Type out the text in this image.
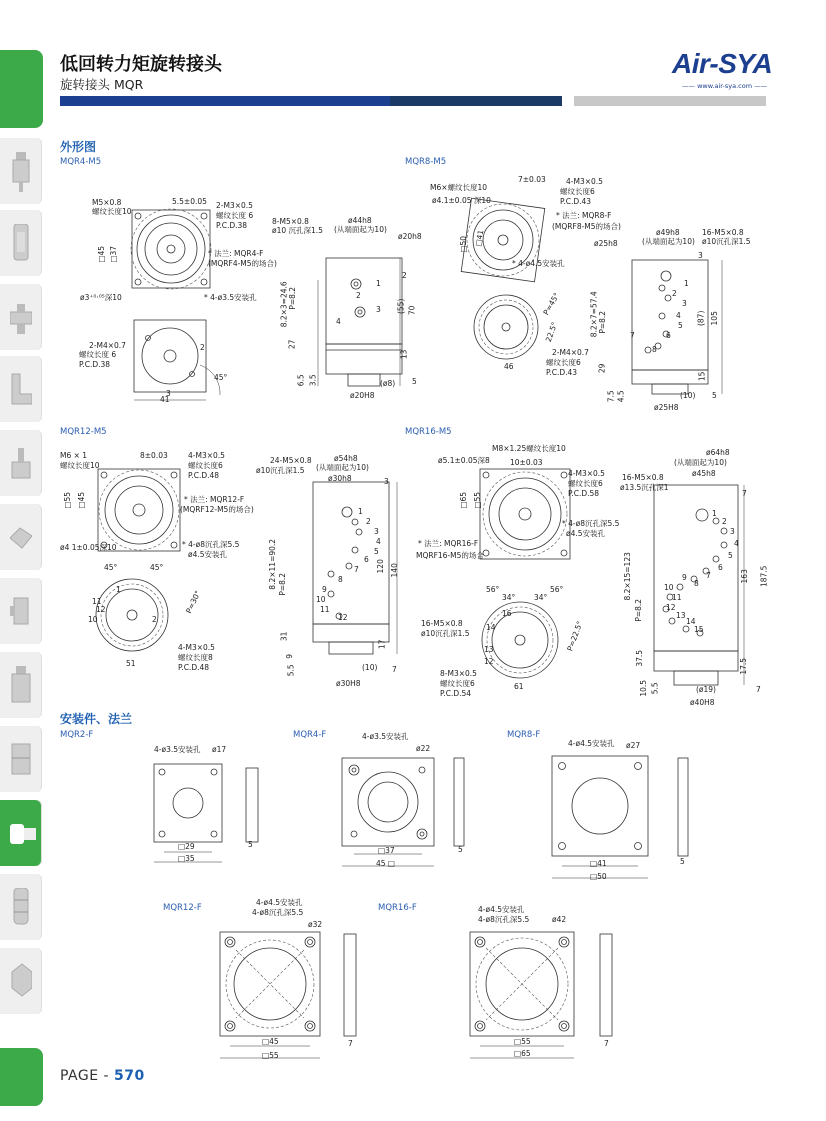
低回转力矩旋转接头
旋转接头 MQR
Air-SYA
—— www.air-sya.com ——
外形图
MQR4-M5
M5×0.8
螺纹长度10
5.5±0.05 2-M3×0.5
螺纹长度 6
P.C.D.38
* 法兰: MQR4-F
(MQRF4-M5的场合)
□45 □37
ø3⁺⁰·⁰⁵深10	* 4-ø3.5安装孔
2-M4×0.7
螺纹长度 6
P.C.D.38
2
3
45°
41
8-M5×0.8
ø10 沉孔深1.5
ø44h8
(从端面起为10)
ø20h8
8.2×3=24.6 P=8.2
27
6.5 3.5
ø20H8
(ø8)
(55) 70
13
2
5
1
2
3
4
MQR8-M5
M6×螺纹长度10
7±0.03	4-M3×0.5
螺纹长度6
P.C.D.43
ø4.1±0.05 深10
* 法兰: MQR8-F
(MQRF8-M5的场合)
□50 □41
* 4-ø4.5安装孔
P=45°
22.5°
2-M4×0.7
螺纹长度6
P.C.D.43
46
ø49h8
(从端面起为10)
16-M5×0.8
ø25h8	ø10沉孔深1.5
8.2×7=57.4 P=8.2
29
7.5 4.5
ø25H8
(10)
3
(87) 105
15
5
1
2
3
4
5
6
7
8
MQR12-M5
M6 × 1
螺纹长度10
8±0.03	4-M3×0.5
螺纹长度6
P.C.D.48
* 法兰: MQR12-F
(MQRF12-M5的场合)
□55 □45
ø4 1±0.05深10	* 4-ø8沉孔深5.5
ø4.5安装孔
45°	45°
P=30°
4-M3×0.5
螺纹长度8
P.C.D.48
51
11
10
12
1
2
24-M5×0.8
ø10沉孔深1.5
ø54h8
(从端面起为10)
ø30h8	3
8.2×11=90.2 P=8.2
31
9
5.5
ø30H8
(10)
120 140
17
7
1
2
3
4
5
6
7
8
9
10
11
12
MQR16-M5
M8×1.25螺纹长度10
ø5.1±0.05深8	10±0.03
4-M3×0.5
螺纹长度6
P.C.D.58
□65 □55
* 4-ø8沉孔深5.5
ø4.5安装孔
* 法兰: MQR16-F
MQRF16-M5的场合
56°
34° 34°
56°
16-M5×0.8
ø10沉孔深1.5	P=22.5°
8-M3×0.5
螺纹长度6
P.C.D.54
61
16
14
13
12
ø64h8
(从端面起为10)
16-M5×0.8	ø45h8
ø13.5沉孔深1
7
8.2×15=123
P=8.2
37.5
10.5 5.5	(ø19)
ø40H8
163 187.5
17.5
7
1
2
3
4
5
6
7
8
9
10
11
12
13
14
15
安装件、法兰
MQR2-F
4-ø3.5安装孔 ø17
□29
□35
5
MQR4-F	4-ø3.5安装孔
ø22
□37
45 □
5
MQR8-F
4-ø4.5安装孔 ø27
□41
□50
5
MQR12-F
4-ø4.5安装孔
4-ø8沉孔深5.5
ø32
□45
□55
7
MQR16-F	4-ø4.5安装孔
4-ø8沉孔深5.5	ø42
□55
□65
7
PAGE - 570
